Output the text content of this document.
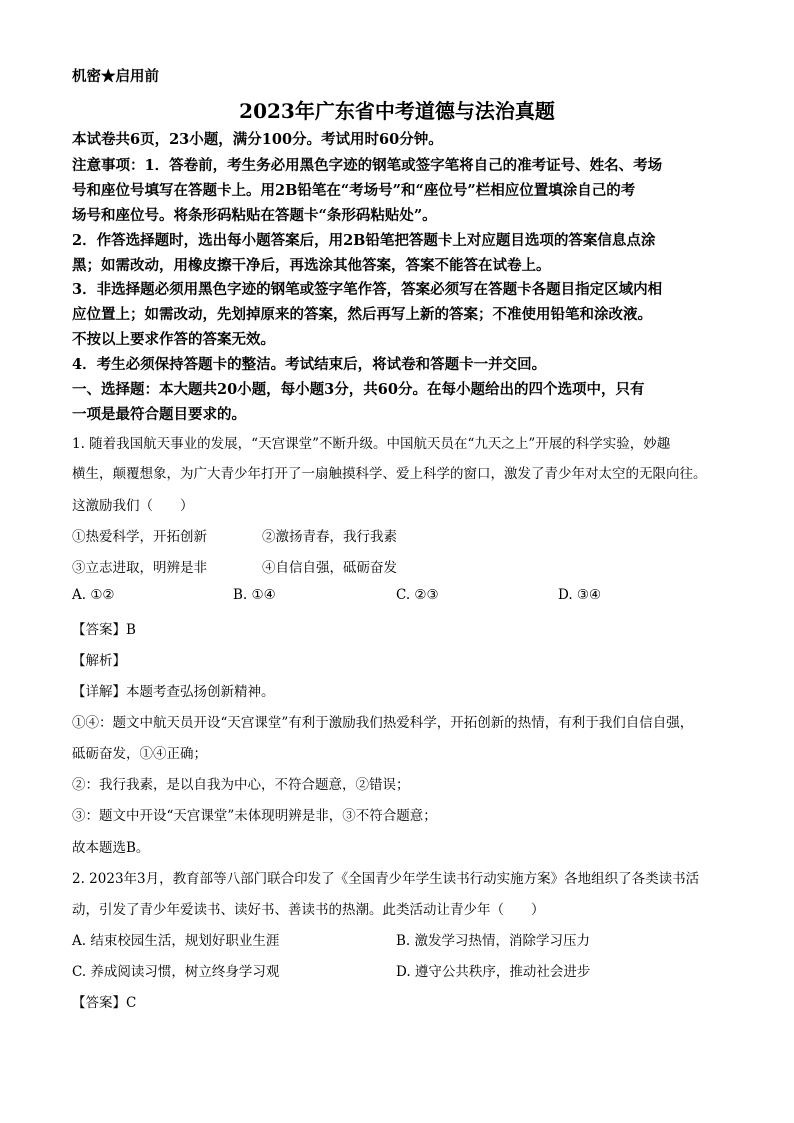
机密★启用前
2023年广东省中考道德与法治真题
本试卷共6页，23小题，满分100分。考试用时60分钟。
注意事项：1．答卷前，考生务必用黑色字迹的钢笔或签字笔将自己的准考证号、姓名、考场
号和座位号填写在答题卡上。用2B铅笔在“考场号”和“座位号”栏相应位置填涂自己的考
场号和座位号。将条形码粘贴在答题卡“条形码粘贴处”。
2．作答选择题时，选出每小题答案后，用2B铅笔把答题卡上对应题目选项的答案信息点涂
黑；如需改动，用橡皮擦干净后，再选涂其他答案，答案不能答在试卷上。
3．非选择题必须用黑色字迹的钢笔或签字笔作答，答案必须写在答题卡各题目指定区域内相
应位置上；如需改动，先划掉原来的答案，然后再写上新的答案；不准使用铅笔和涂改液。
不按以上要求作答的答案无效。
4．考生必须保持答题卡的整洁。考试结束后，将试卷和答题卡一并交回。
一、选择题：本大题共20小题，每小题3分，共60分。在每小题给出的四个选项中，只有
一项是最符合题目要求的。
1. 随着我国航天事业的发展，“天宫课堂”不断升级。中国航天员在“九天之上”开展的科学实验，妙趣
横生，颠覆想象，为广大青少年打开了一扇触摸科学、爱上科学的窗口，激发了青少年对太空的无限向往。
这激励我们（　　）
①热爱科学，开拓创新	②激扬青春，我行我素
③立志进取，明辨是非	④自信自强，砥砺奋发
A. ①②	B. ①④	C. ②③	D. ③④
【答案】B
【解析】
【详解】本题考查弘扬创新精神。
①④：题文中航天员开设“天宫课堂”有利于激励我们热爱科学，开拓创新的热情，有利于我们自信自强，
砥砺奋发，①④正确；
②：我行我素，是以自我为中心，不符合题意，②错误；
③：题文中开设“天宫课堂”未体现明辨是非，③不符合题意；
故本题选B。
2. 2023年3月，教育部等八部门联合印发了《全国青少年学生读书行动实施方案》各地组织了各类读书活
动，引发了青少年爱读书、读好书、善读书的热潮。此类活动让青少年（　　）
A. 结束校园生活，规划好职业生涯	B. 激发学习热情，消除学习压力
C. 养成阅读习惯，树立终身学习观	D. 遵守公共秩序，推动社会进步
【答案】C
